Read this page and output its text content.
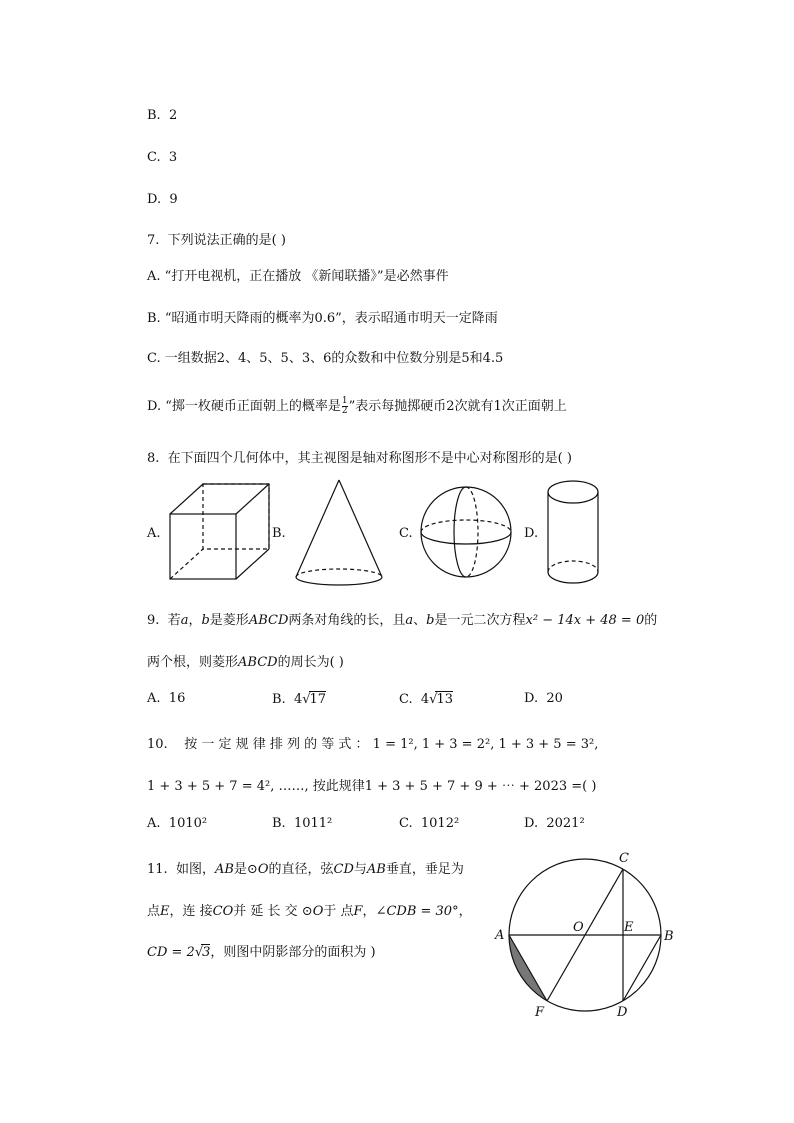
B. 2
C. 3
D. 9
7. 下列说法正确的是( )
A. “打开电视机，正在播放 《新闻联播》”是必然事件
B. “昭通市明天降雨的概率为0.6”，表示昭通市明天一定降雨
C. 一组数据2、4、5、5、3、6的众数和中位数分别是5和4.5
D. “掷一枚硬币正面朝上的概率是 $\frac{1}{2}$ ”表示每抛掷硬币2次就有1次正面朝上
8. 在下面四个几何体中，其主视图是轴对称图形不是中心对称图形的是( )
A.	B.	C.	D.
A	B
C
D
E
F
O
9. 若a，b是菱形ABCD两条对角线的长，且a、b是一元二次方程x² − 14x + 48 = 0的
两个根，则菱形ABCD的周长为( )
A. 16	B. 4√17	C. 4√13	D. 20
10. 按 一 定 规 律 排 列 的 等 式 ： 1 = 1², 1 + 3 = 2², 1 + 3 + 5 = 3²,
1 + 3 + 5 + 7 = 4², ……, 按此规律1 + 3 + 5 + 7 + 9 + ⋯ + 2023 =( )
A. 1010²	B. 1011²	C. 1012²	D. 2021²
11. 如图，AB是⊙O的直径，弦CD与AB垂直，垂足为
点E，连 接CO并 延 长 交 ⊙O于 点F，∠CDB = 30°，
CD = 2√3，则图中阴影部分的面积为 )
